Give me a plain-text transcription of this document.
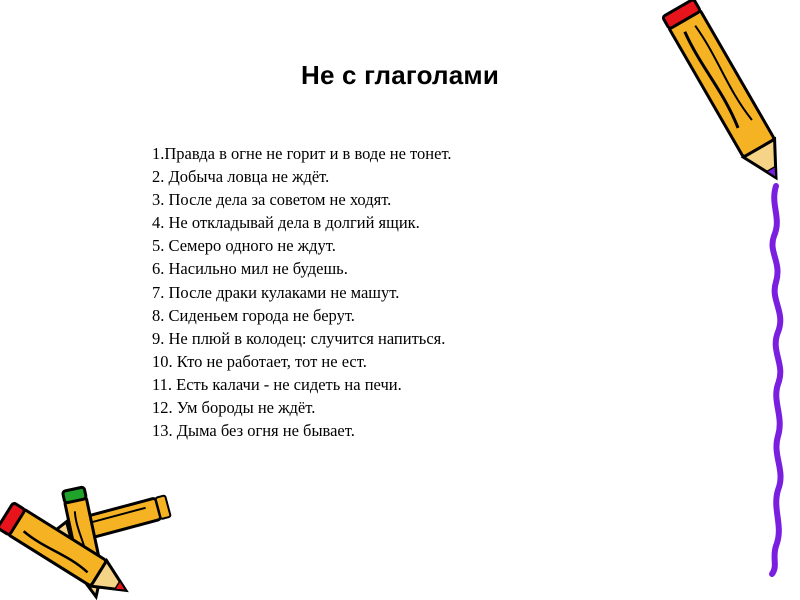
Не с глаголами
1.Правда в огне не горит и в воде не тонет.
2. Добыча ловца не ждёт.
3. После дела за советом не ходят.
4. Не откладывай дела в долгий ящик.
5. Семеро одного не ждут.
6. Насильно мил не будешь.
7. После драки кулаками не машут.
8. Сиденьем города не берут.
9. Не плюй в колодец: случится напиться.
10. Кто не работает, тот не ест.
11. Есть калачи - не сидеть на печи.
12. Ум бороды не ждёт.
13. Дыма без огня не бывает.
